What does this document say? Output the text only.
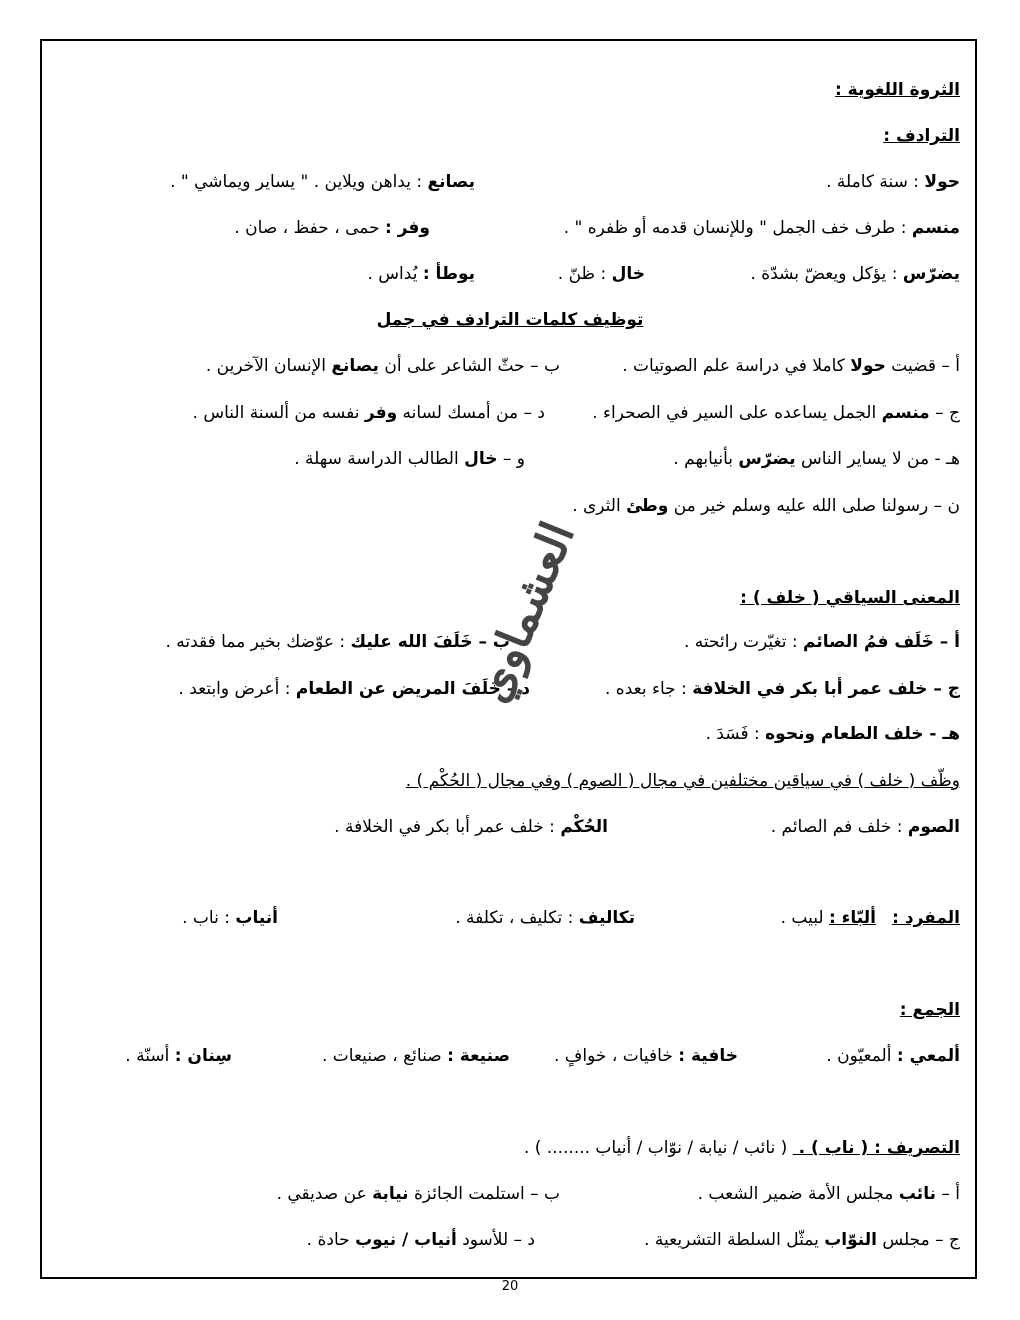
الثروة اللغوية :
الترادف :
حولا : سنة كاملة .
يصانع : يداهن ويلاين . " يساير ويماشي " .
منسم : طرف خف الجمل " وللإنسان قدمه أو ظفره " .
وفر : حمى ، حفظ ، صان .
يضرّس : يؤكل ويعضّ بشدّة .
خال : ظنّ .
يوطأ : يُداس .
توظيف كلمات الترادف في جمل
أ – قضيت حولا كاملا في دراسة علم الصوتيات .
ب – حثّ الشاعر على أن يصانع الإنسان الآخرين .
ج – منسم الجمل يساعده على السير في الصحراء .
د – من أمسك لسانه وفر نفسه من ألسنة الناس .
هـ - من لا يساير الناس يضرّس بأنيابهم .
و – خال الطالب الدراسة سهلة .
ن – رسولنا صلى الله عليه وسلم خير من وطئ الثرى .
المعنى السياقي ( خلف ) :
أ – خَلَف فمُ الصائم : تغيّرت رائحته .
ب – خَلَفَ الله عليك : عوّضك بخير مما فقدته .
ج – خلف عمر أبا بكر في الخلافة : جاء بعده .
د – خَلَفَ المريض عن الطعام : أعرض وابتعد .
هـ - خلف الطعام ونحوه : فَسَدَ .
وظّف ( خلف ) في سياقين مختلفين في مجال ( الصوم ) وفي مجال ( الحُكْم ) .
الصوم : خلف فم الصائم .
الحُكْم : خلف عمر أبا بكر في الخلافة .
المفرد :   ألبّاء : لبيب .
تكاليف : تكليف ، تكلفة .
أنياب : ناب .
الجمع :
ألمعي : ألمعيّون .
خافية : خافيات ، خوافٍ .
صنيعة : صنائع ، صنيعات .
سِنان : أسنّة .
التصريف : ( ناب ) .  ( نائب / نيابة / نوّاب / أنياب ........ ) .
أ – نائب مجلس الأمة ضمير الشعب .
ب – استلمت الجائزة نيابة عن صديقي .
ج – مجلس النوّاب يمثّل السلطة التشريعية .
د – للأسود أنياب / نيوب حادة .
العشماوي
20
